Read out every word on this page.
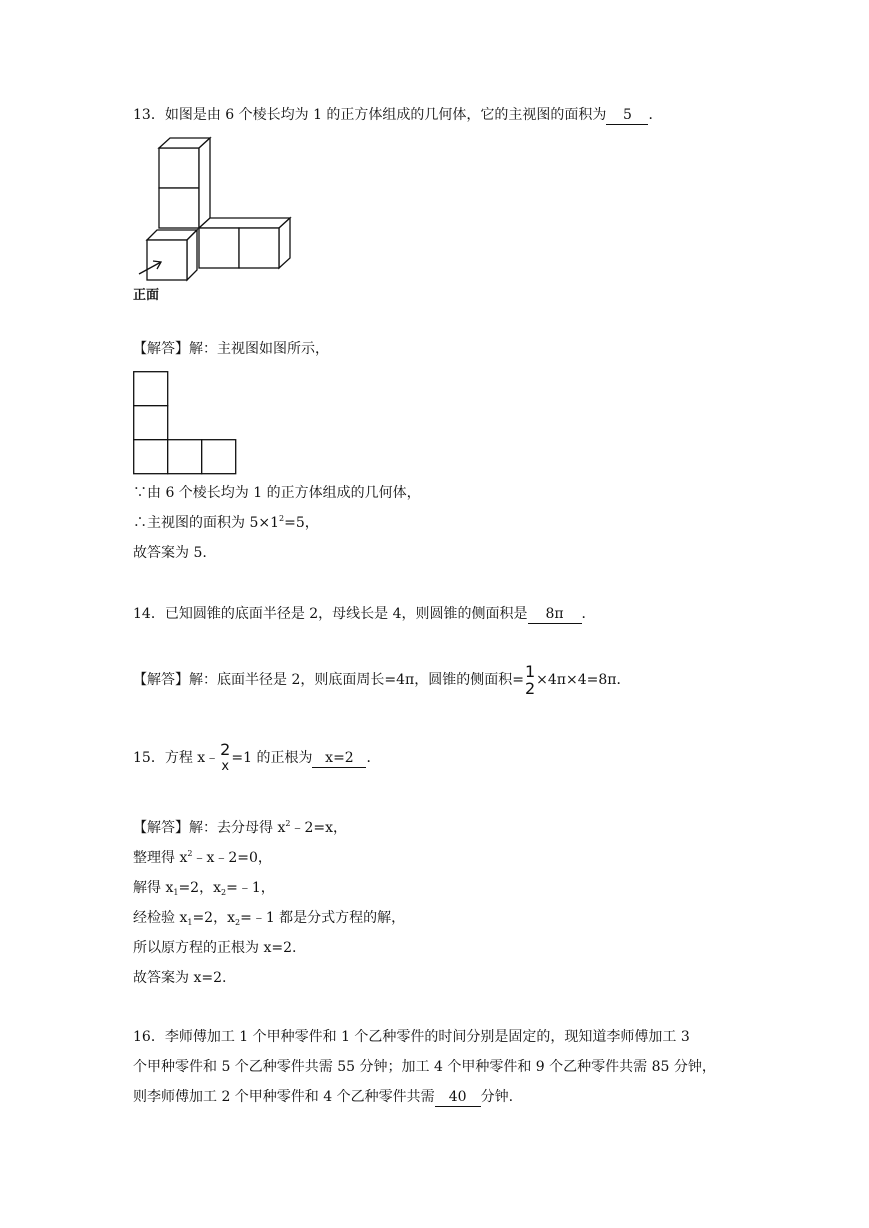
13．如图是由 6 个棱长均为 1 的正方体组成的几何体，它的主视图的面积为 5 ．
正面
【解答】解：主视图如图所示，
∵由 6 个棱长均为 1 的正方体组成的几何体，
∴主视图的面积为 $5\times 1^2=5$，
故答案为 5.
14．已知圆锥的底面半径是 2，母线长是 4，则圆锥的侧面积是 8π ．
【解答】解：底面半径是 2，则底面周长=4π，圆锥的侧面积= 1
2 ×4π×4=8π．
15．方程 x﹣ 2
x
=1 的正根为 x=2 ．
【解答】解：去分母得 $x^2﹣2=x$，
整理得 $x^2﹣x﹣2=0$，
解得 $x_1=2$，$x_2=﹣1$，
经检验 $x_1=2$，$x_2=﹣1$ 都是分式方程的解，
所以原方程的正根为 x=2.
故答案为 x=2.
16．李师傅加工 1 个甲种零件和 1 个乙种零件的时间分别是固定的，现知道李师傅加工 3
个甲种零件和 5 个乙种零件共需 55 分钟；加工 4 个甲种零件和 9 个乙种零件共需 85 分钟，
则李师傅加工 2 个甲种零件和 4 个乙种零件共需 40 分钟.
